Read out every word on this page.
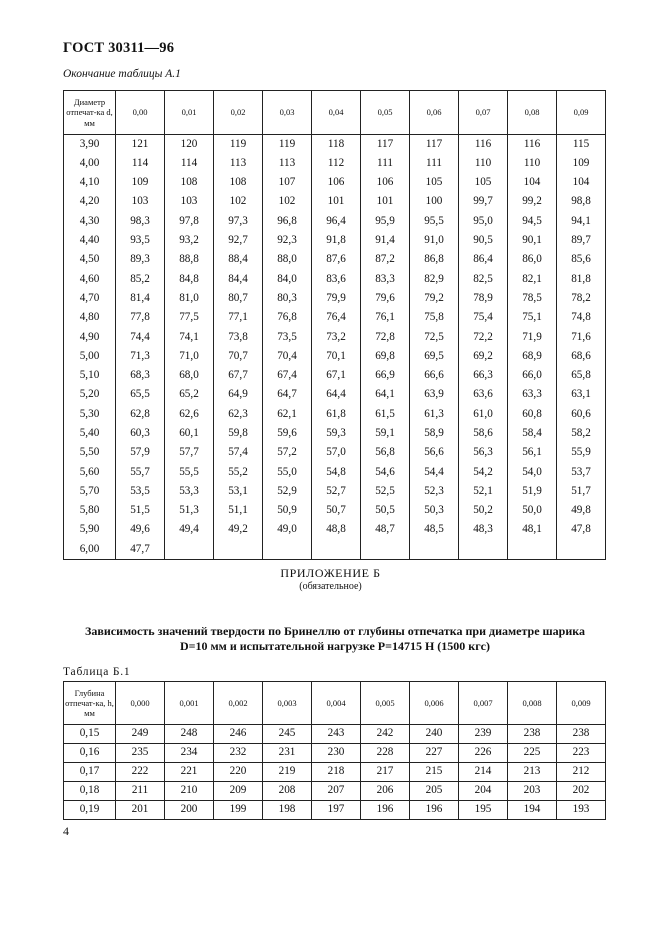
ГОСТ 30311—96
Окончание таблицы А.1
Диаметр отпечат-ка d, мм	0,00	0,01	0,02	0,03	0,04	0,05	0,06	0,07	0,08	0,09
3,90	121	120	119	119	118	117	117	116	116	115
4,00	114	114	113	113	112	111	111	110	110	109
4,10	109	108	108	107	106	106	105	105	104	104
4,20	103	103	102	102	101	101	100	99,7	99,2	98,8
4,30	98,3	97,8	97,3	96,8	96,4	95,9	95,5	95,0	94,5	94,1
4,40	93,5	93,2	92,7	92,3	91,8	91,4	91,0	90,5	90,1	89,7
4,50	89,3	88,8	88,4	88,0	87,6	87,2	86,8	86,4	86,0	85,6
4,60	85,2	84,8	84,4	84,0	83,6	83,3	82,9	82,5	82,1	81,8
4,70	81,4	81,0	80,7	80,3	79,9	79,6	79,2	78,9	78,5	78,2
4,80	77,8	77,5	77,1	76,8	76,4	76,1	75,8	75,4	75,1	74,8
4,90	74,4	74,1	73,8	73,5	73,2	72,8	72,5	72,2	71,9	71,6
5,00	71,3	71,0	70,7	70,4	70,1	69,8	69,5	69,2	68,9	68,6
5,10	68,3	68,0	67,7	67,4	67,1	66,9	66,6	66,3	66,0	65,8
5,20	65,5	65,2	64,9	64,7	64,4	64,1	63,9	63,6	63,3	63,1
5,30	62,8	62,6	62,3	62,1	61,8	61,5	61,3	61,0	60,8	60,6
5,40	60,3	60,1	59,8	59,6	59,3	59,1	58,9	58,6	58,4	58,2
5,50	57,9	57,7	57,4	57,2	57,0	56,8	56,6	56,3	56,1	55,9
5,60	55,7	55,5	55,2	55,0	54,8	54,6	54,4	54,2	54,0	53,7
5,70	53,5	53,3	53,1	52,9	52,7	52,5	52,3	52,1	51,9	51,7
5,80	51,5	51,3	51,1	50,9	50,7	50,5	50,3	50,2	50,0	49,8
5,90	49,6	49,4	49,2	49,0	48,8	48,7	48,5	48,3	48,1	47,8
6,00	47,7									
ПРИЛОЖЕНИЕ Б
(обязательное)
Зависимость значений твердости по Бринеллю от глубины отпечатка при диаметре шарика D=10 мм и испытательной нагрузке P=14715 Н (1500 кгс)
Таблица Б.1
Глубина отпечат-ка, h, мм	0,000	0,001	0,002	0,003	0,004	0,005	0,006	0,007	0,008	0,009
0,15	249	248	246	245	243	242	240	239	238	238
0,16	235	234	232	231	230	228	227	226	225	223
0,17	222	221	220	219	218	217	215	214	213	212
0,18	211	210	209	208	207	206	205	204	203	202
0,19	201	200	199	198	197	196	196	195	194	193
4
